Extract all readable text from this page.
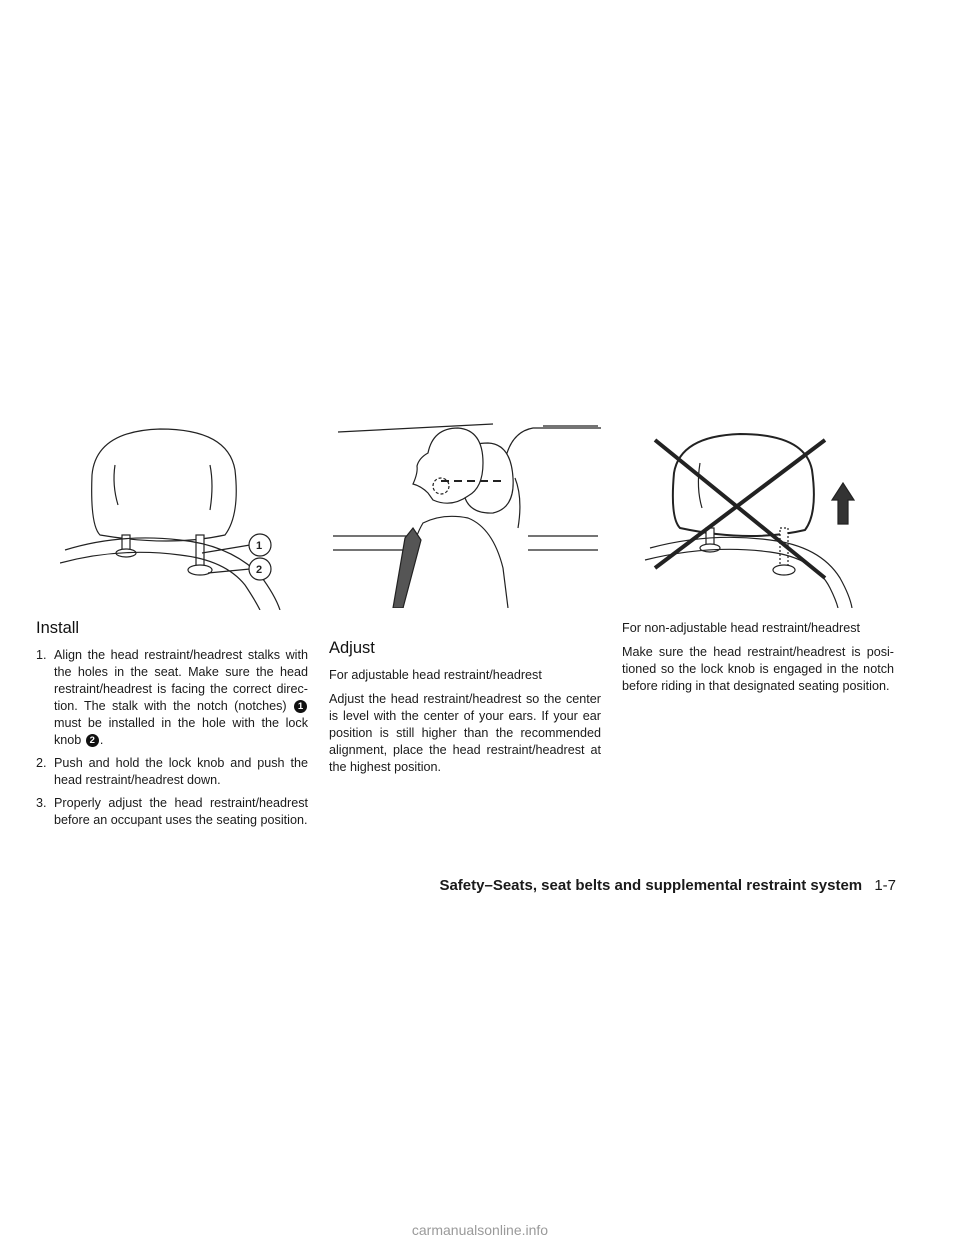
1
2
Install
1. Align the head restraint/headrest stalks with the holes in the seat. Make sure the head restraint/headrest is facing the correct direc- tion. The stalk with the notch (notches) 1 must be installed in the hole with the lock knob 2 .
2. Push and hold the lock knob and push the head restraint/headrest down.
3. Properly adjust the head restraint/headrest before an occupant uses the seating position.
Adjust

For adjustable head restraint/headrest

Adjust the head restraint/headrest so the center is level with the center of your ears. If your ear position is still higher than the recommended alignment, place the head restraint/headrest at the highest position.

For non-adjustable head restraint/headrest

Make sure the head restraint/headrest is posi- tioned so the lock knob is engaged in the notch before riding in that designated seating position.

Safety–Seats, seat belts and supplemental restraint system 1-7
carmanualsonline.info
